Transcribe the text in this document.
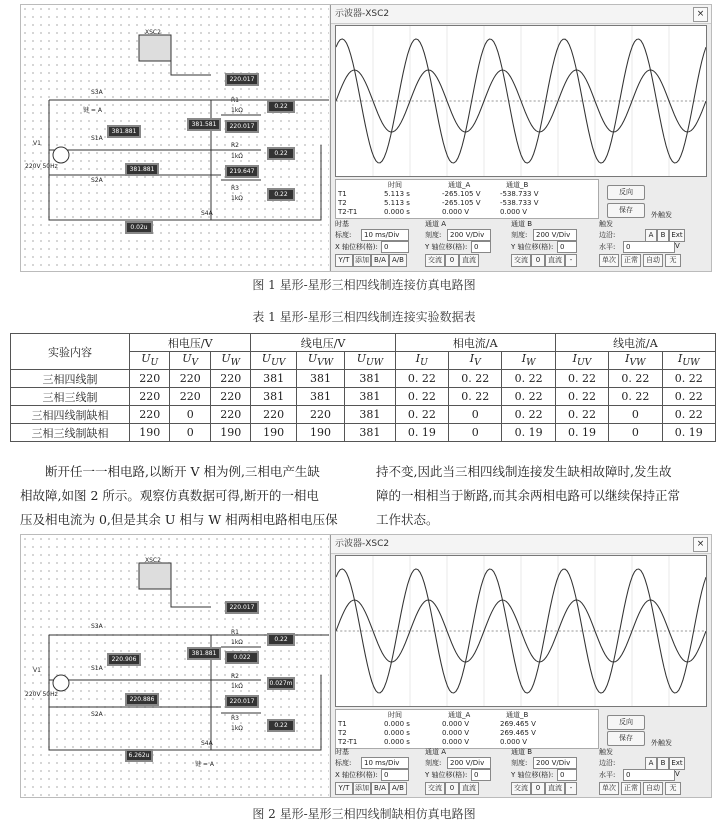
XSC2
V1
220V 50Hz
S3A
S1A
S2A
S4A
键 = A
R1
1kΩ
R2
1kΩ
R3
1kΩ
220.017
381.881
381.581	220.017
381.881	219.647
0.22
0.22
0.22
0.02u
示波器-XSC2	×
时间	通道_A	通道_B
T1	5.113 s	-265.105 V	-538.733 V
T2	5.113 s	-265.105 V	-538.733 V
T2-T1	0.000 s	0.000 V	0.000 V
反向
保存
外触发
时基
标度:	10 ms/Div
X 轴位移(格): 0
Y/T 添加 B/A A/B
通道 A
刻度:	200 V/Div
Y 轴位移(格): 0
交流	0	直流
通道 B
刻度:	200 V/Div
Y 轴位移(格): 0
交流	0	直流	-
触发
边沿:	A	B Ext
水平:	0	V
单次	正常	自动	无
图 1 星形-星形三相四线制连接仿真电路图
表 1 星形-星形三相四线制连接实验数据表
实验内容	相电压/V			线电压/V			相电流/A			线电流/A		
	$U_U$	$U_V$	$U_W$	$U_{UV}$	$U_{VW}$	$U_{UW}$	$I_U$	$I_V$	$I_W$	$I_{UV}$	$I_{VW}$	$I_{UW}$
三相四线制	220	220	220	381	381	381	0. 22	0. 22	0. 22	0. 22	0. 22	0. 22
三相三线制	220	220	220	381	381	381	0. 22	0. 22	0. 22	0. 22	0. 22	0. 22
三相四线制缺相	220	0	220	220	220	381	0. 22	0	0. 22	0. 22	0	0. 22
三相三线制缺相	190	0	190	190	190	381	0. 19	0	0. 19	0. 19	0	0. 19
断开任一一相电路,以断开 V 相为例,三相电产生缺
相故障,如图 2 所示。观察仿真数据可得,断开的一相电
压及相电流为 0,但是其余 U 相与 W 相两相电路相电压保
持不变,因此当三相四线制连接发生缺相故障时,发生故
障的一相相当于断路,而其余两相电路可以继续保持正常
工作状态。
XSC2
V1
220V 50Hz
S3A
S1A
S2A
S4A
键 = A
R1
1kΩ
R2
1kΩ
R3
1kΩ
220.017
220.906
381.881
220.886
0.022
220.017
0.22
0.027m
0.22
6.262u
示波器-XSC2	×
时间	通道_A	通道_B
T1	0.000 s	0.000 V	269.465 V
T2	0.000 s	0.000 V	269.465 V
T2-T1	0.000 s	0.000 V	0.000 V
反向
保存
外触发
时基
标度:	10 ms/Div
X 轴位移(格): 0
Y/T 添加 B/A A/B
通道 A
刻度:	200 V/Div
Y 轴位移(格): 0
交流	0	直流
通道 B
刻度:	200 V/Div
Y 轴位移(格): 0
交流	0	直流	-
触发
边沿:	A	B Ext
水平:	0	V
单次	正常	自动	无
图 2 星形-星形三相四线制缺相仿真电路图
